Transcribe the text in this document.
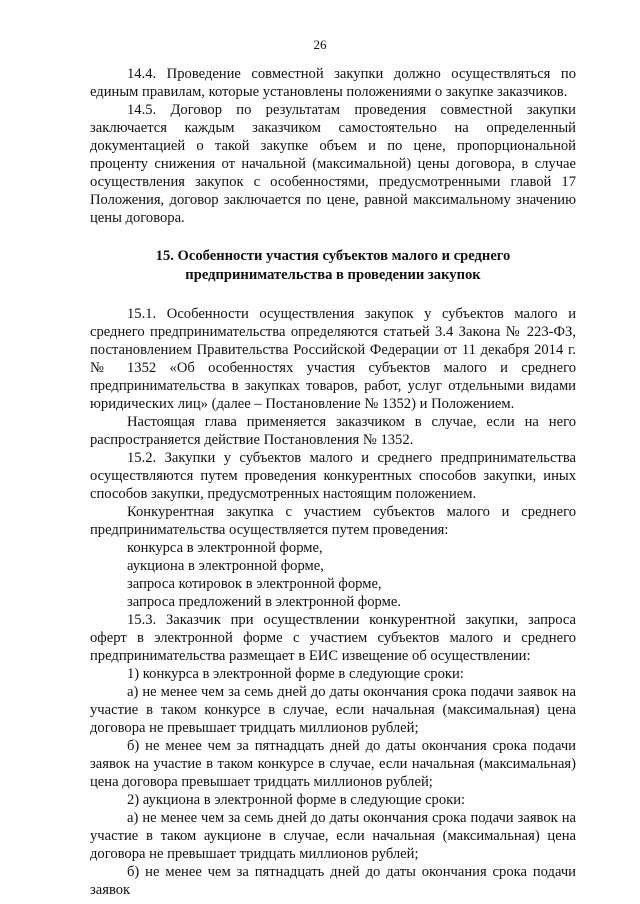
26

14.4. Проведение совместной закупки должно осуществляться по единым правилам, которые установлены положениями о закупке заказчиков.

14.5. Договор по результатам проведения совместной закупки заключается каждым заказчиком самостоятельно на определенный документацией о такой закупке объем и по цене, пропорциональной проценту снижения от начальной (максимальной) цены договора, в случае осуществления закупок с особенностями, предусмотренными главой 17 Положения, договор заключается по цене, равной максимальному значению цены договора.

15. Особенности участия субъектов малого и среднего предпринимательства в проведении закупок

15.1. Особенности осуществления закупок у субъектов малого и среднего предпринимательства определяются статьей 3.4 Закона № 223-ФЗ, постановлением Правительства Российской Федерации от 11 декабря 2014 г. № 1352 «Об особенностях участия субъектов малого и среднего предпринимательства в закупках товаров, работ, услуг отдельными видами юридических лиц» (далее – Постановление № 1352) и Положением.

Настоящая глава применяется заказчиком в случае, если на него распространяется действие Постановления № 1352.

15.2. Закупки у субъектов малого и среднего предпринимательства осуществляются путем проведения конкурентных способов закупки, иных способов закупки, предусмотренных настоящим положением.

Конкурентная закупка с участием субъектов малого и среднего предпринимательства осуществляется путем проведения:

конкурса в электронной форме,

аукциона в электронной форме,

запроса котировок в электронной форме,

запроса предложений в электронной форме.

15.3. Заказчик при осуществлении конкурентной закупки, запроса оферт в электронной форме с участием субъектов малого и среднего предпринимательства размещает в ЕИС извещение об осуществлении:

1) конкурса в электронной форме в следующие сроки:

а) не менее чем за семь дней до даты окончания срока подачи заявок на участие в таком конкурсе в случае, если начальная (максимальная) цена договора не превышает тридцать миллионов рублей;

б) не менее чем за пятнадцать дней до даты окончания срока подачи заявок на участие в таком конкурсе в случае, если начальная (максимальная) цена договора превышает тридцать миллионов рублей;

2) аукциона в электронной форме в следующие сроки:

а) не менее чем за семь дней до даты окончания срока подачи заявок на участие в таком аукционе в случае, если начальная (максимальная) цена договора не превышает тридцать миллионов рублей;

б) не менее чем за пятнадцать дней до даты окончания срока подачи заявок
